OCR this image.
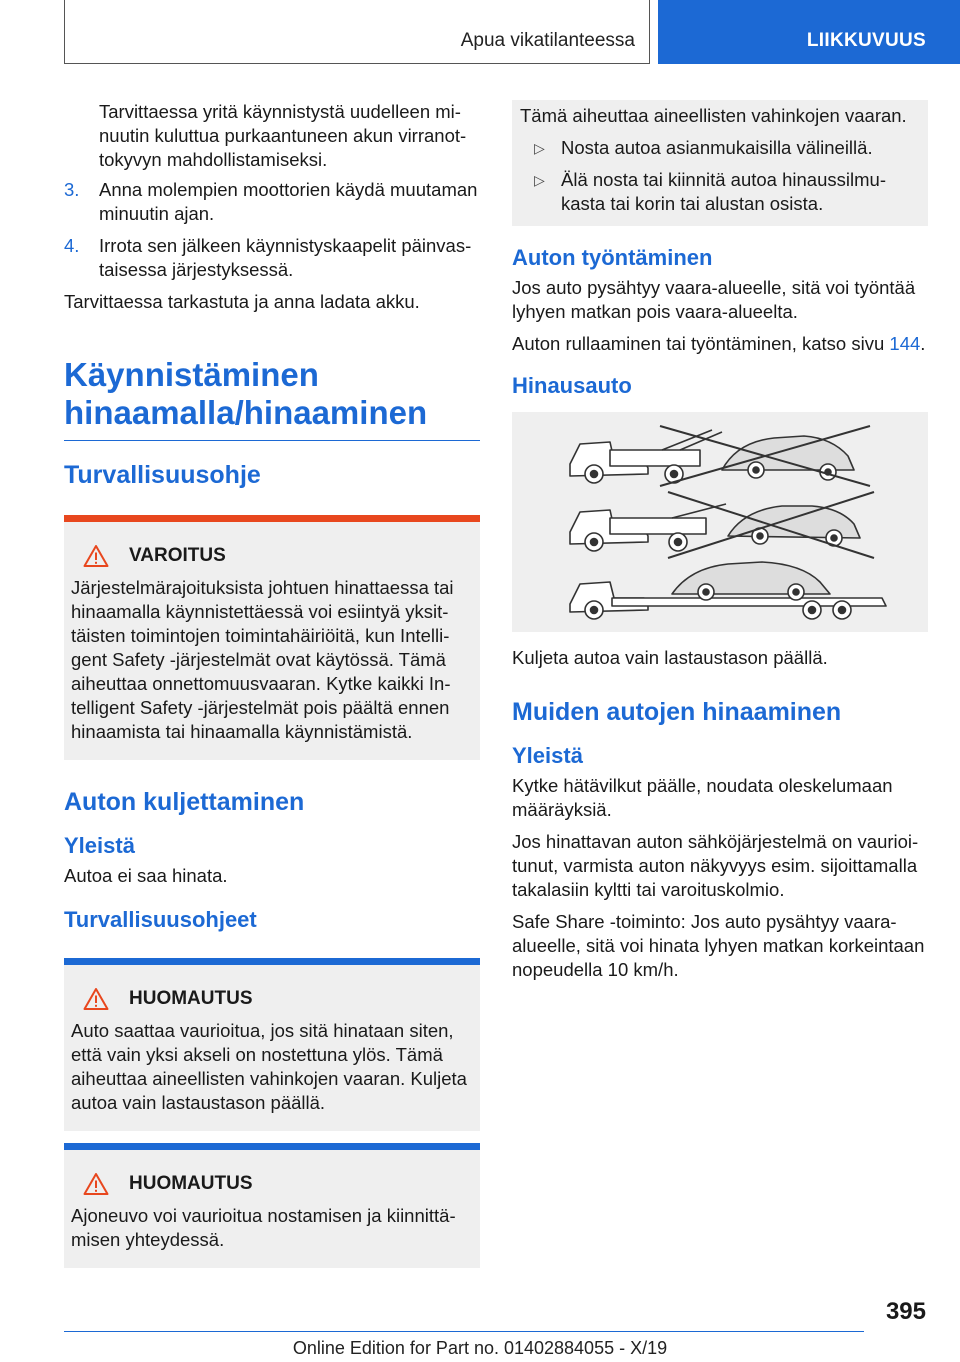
Apua vikatilanteessa	LIIKKUVUUS

Tarvittaessa yritä käynnistystä uudelleen minuutin kuluttua purkaantuneen akun virranottokyvyn mahdollistamiseksi.

3.	Anna molempien moottorien käydä muutaman minuutin ajan.
4.	Irrota sen jälkeen käynnistyskaapelit päinvastaisessa järjestyksessä.

Tarvittaessa tarkastuta ja anna ladata akku.

Käynnistäminen hinaamalla/hinaaminen
Turvallisuusohje
VAROITUS

Järjestelmärajoituksista johtuen hinattaessa tai hinaamalla käynnistettäessä voi esiintyä yksittäisten toimintojen toimintahäiriöitä, kun Intelligent Safety -järjestelmät ovat käytössä. Tämä aiheuttaa onnettomuusvaaran. Kytke kaikki Intelligent Safety -järjestelmät pois päältä ennen hinaamista tai hinaamalla käynnistämistä.

Auton kuljettaminen
Yleistä

Autoa ei saa hinata.

Turvallisuusohjeet
HUOMAUTUS

Auto saattaa vaurioitua, jos sitä hinataan siten, että vain yksi akseli on nostettuna ylös. Tämä aiheuttaa aineellisten vahinkojen vaaran. Kuljeta autoa vain lastaustason päällä.

HUOMAUTUS

Ajoneuvo voi vaurioitua nostamisen ja kiinnittämisen yhteydessä.

Tämä aiheuttaa aineellisten vahinkojen vaaran.

▷ Nosta autoa asianmukaisilla välineillä.
▷ Älä nosta tai kiinnitä autoa hinaussilmukasta tai korin tai alustan osista.
Auton työntäminen

Jos auto pysähtyy vaara-alueelle, sitä voi työntää lyhyen matkan pois vaara-alueelta.

Auton rullaaminen tai työntäminen, katso sivu 144.

Hinausauto

Kuljeta autoa vain lastaustason päällä.

Muiden autojen hinaaminen
Yleistä

Kytke hätävilkut päälle, noudata oleskelumaan määräyksiä.

Jos hinattavan auton sähköjärjestelmä on vaurioitunut, varmista auton näkyvyys esim. sijoittamalla takalasiin kyltti tai varoituskolmio.

Safe Share -toiminto: Jos auto pysähtyy vaara-alueelle, sitä voi hinata lyhyen matkan korkeintaan nopeudella 10 km/h.

395
Online Edition for Part no. 01402884055 - X/19
